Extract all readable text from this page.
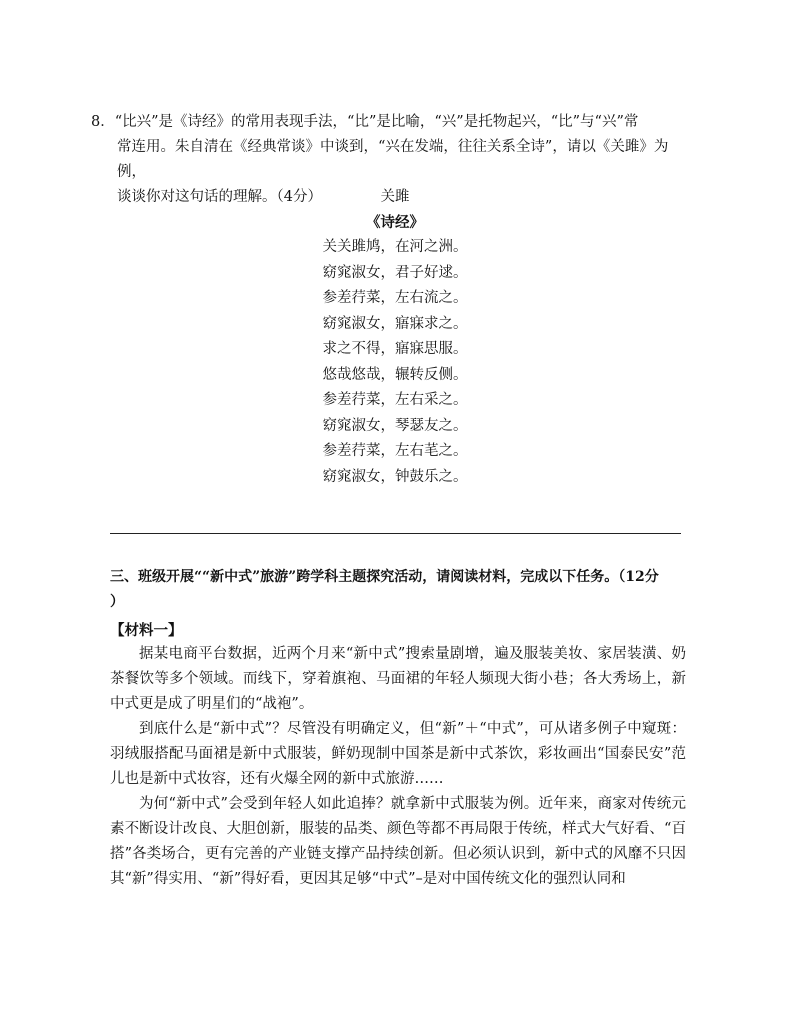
8．“比兴”是《诗经》的常用表现手法，“比”是比喻，“兴”是托物起兴，“比”与“兴”常

常连用。朱自清在《经典常谈》中谈到，“兴在发端，往往关系全诗”，请以《关雎》为例，

谈谈你对这句话的理解。（4分）	关雎
《诗经》
关关雎鸠，在河之洲。
窈窕淑女，君子好逑。
参差荇菜，左右流之。
窈窕淑女，寤寐求之。
求之不得，寤寐思服。
悠哉悠哉，辗转反侧。
参差荇菜，左右采之。
窈窕淑女，琴瑟友之。
参差荇菜，左右芼之。
窈窕淑女，钟鼓乐之。
三、班级开展““新中式”旅游”跨学科主题探究活动，请阅读材料，完成以下任务。（12分
）
【材料一】

据某电商平台数据，近两个月来“新中式”搜索量剧增，遍及服装美妆、家居装潢、奶茶餐饮等多个领域。而线下，穿着旗袍、马面裙的年轻人频现大街小巷；各大秀场上，新中式更是成了明星们的“战袍”。

到底什么是“新中式”？尽管没有明确定义，但“新”＋“中式”，可从诸多例子中窥斑：羽绒服搭配马面裙是新中式服装，鲜奶现制中国茶是新中式茶饮，彩妆画出“国泰民安”范儿也是新中式妆容，还有火爆全网的新中式旅游……

为何“新中式”会受到年轻人如此追捧？就拿新中式服装为例。近年来，商家对传统元素不断设计改良、大胆创新，服装的品类、颜色等都不再局限于传统，样式大气好看、“百搭”各类场合，更有完善的产业链支撑产品持续创新。但必须认识到，新中式的风靡不只因其“新”得实用、“新”得好看，更因其足够“中式”–是对中国传统文化的强烈认同和
